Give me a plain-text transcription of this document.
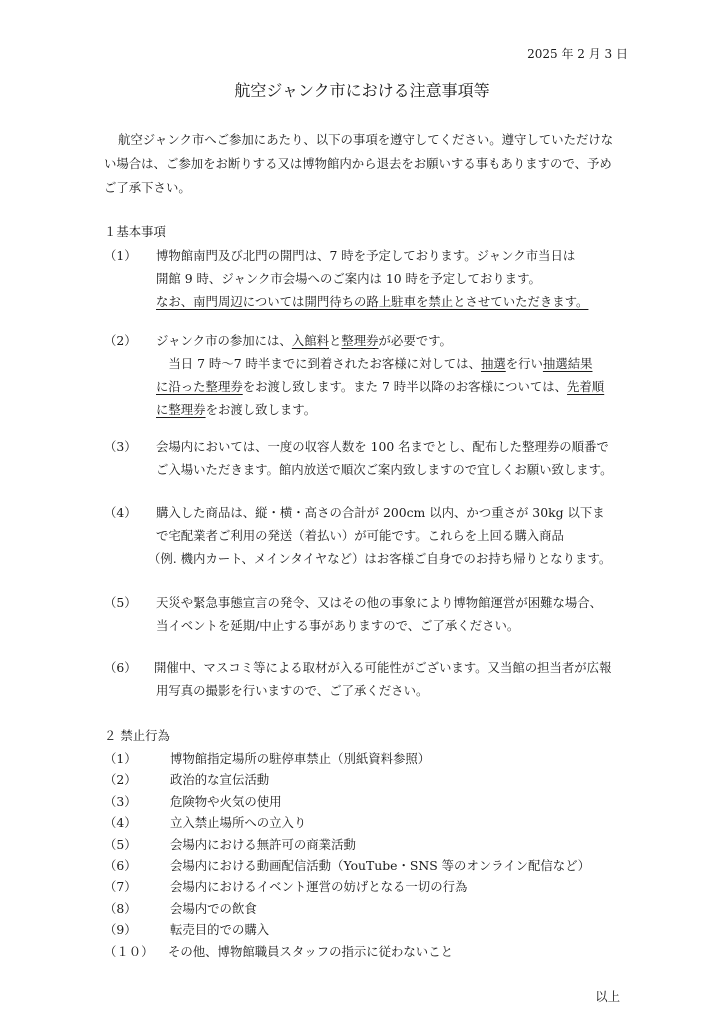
2025 年 2 月 3 日
航空ジャンク市における注意事項等
航空ジャンク市へご参加にあたり、以下の事項を遵守してください。遵守していただけな
い場合は、ご参加をお断りする又は博物館内から退去をお願いする事もありますので、予め
ご了承下さい。
１基本事項
（1） 博物館南門及び北門の開門は、7 時を予定しております。ジャンク市当日は
開館 9 時、ジャンク市会場へのご案内は 10 時を予定しております。
なお、南門周辺については開門待ちの路上駐車を禁止とさせていただきます。
（2） ジャンク市の参加には、入館料と整理券が必要です。
　当日 7 時～7 時半までに到着されたお客様に対しては、抽選を行い抽選結果
に沿った整理券をお渡し致します。また 7 時半以降のお客様については、先着順
に整理券をお渡し致します。
（3） 会場内においては、一度の収容人数を 100 名までとし、配布した整理券の順番で
ご入場いただきます。館内放送で順次ご案内致しますので宜しくお願い致します。
（4） 購入した商品は、縦・横・高さの合計が 200cm 以内、かつ重さが 30kg 以下ま
で宅配業者ご利用の発送（着払い）が可能です。これらを上回る購入商品
（例. 機内カート、メインタイヤなど）はお客様ご自身でのお持ち帰りとなります。
（5） 天災や緊急事態宣言の発令、又はその他の事象により博物館運営が困難な場合、
当イベントを延期/中止する事がありますので、ご了承ください。
（6） 開催中、マスコミ等による取材が入る可能性がございます。又当館の担当者が広報
用写真の撮影を行いますので、ご了承ください。
２ 禁止行為
（1）	博物館指定場所の駐停車禁止（別紙資料参照）
（2）	政治的な宣伝活動
（3）	危険物や火気の使用
（4）	立入禁止場所への立入り
（5）	会場内における無許可の商業活動
（6）	会場内における動画配信活動（YouTube・SNS 等のオンライン配信など）
（7）	会場内におけるイベント運営の妨げとなる一切の行為
（8）	会場内での飲食
（9）	転売目的での購入
（１０） その他、博物館職員スタッフの指示に従わないこと
以上
